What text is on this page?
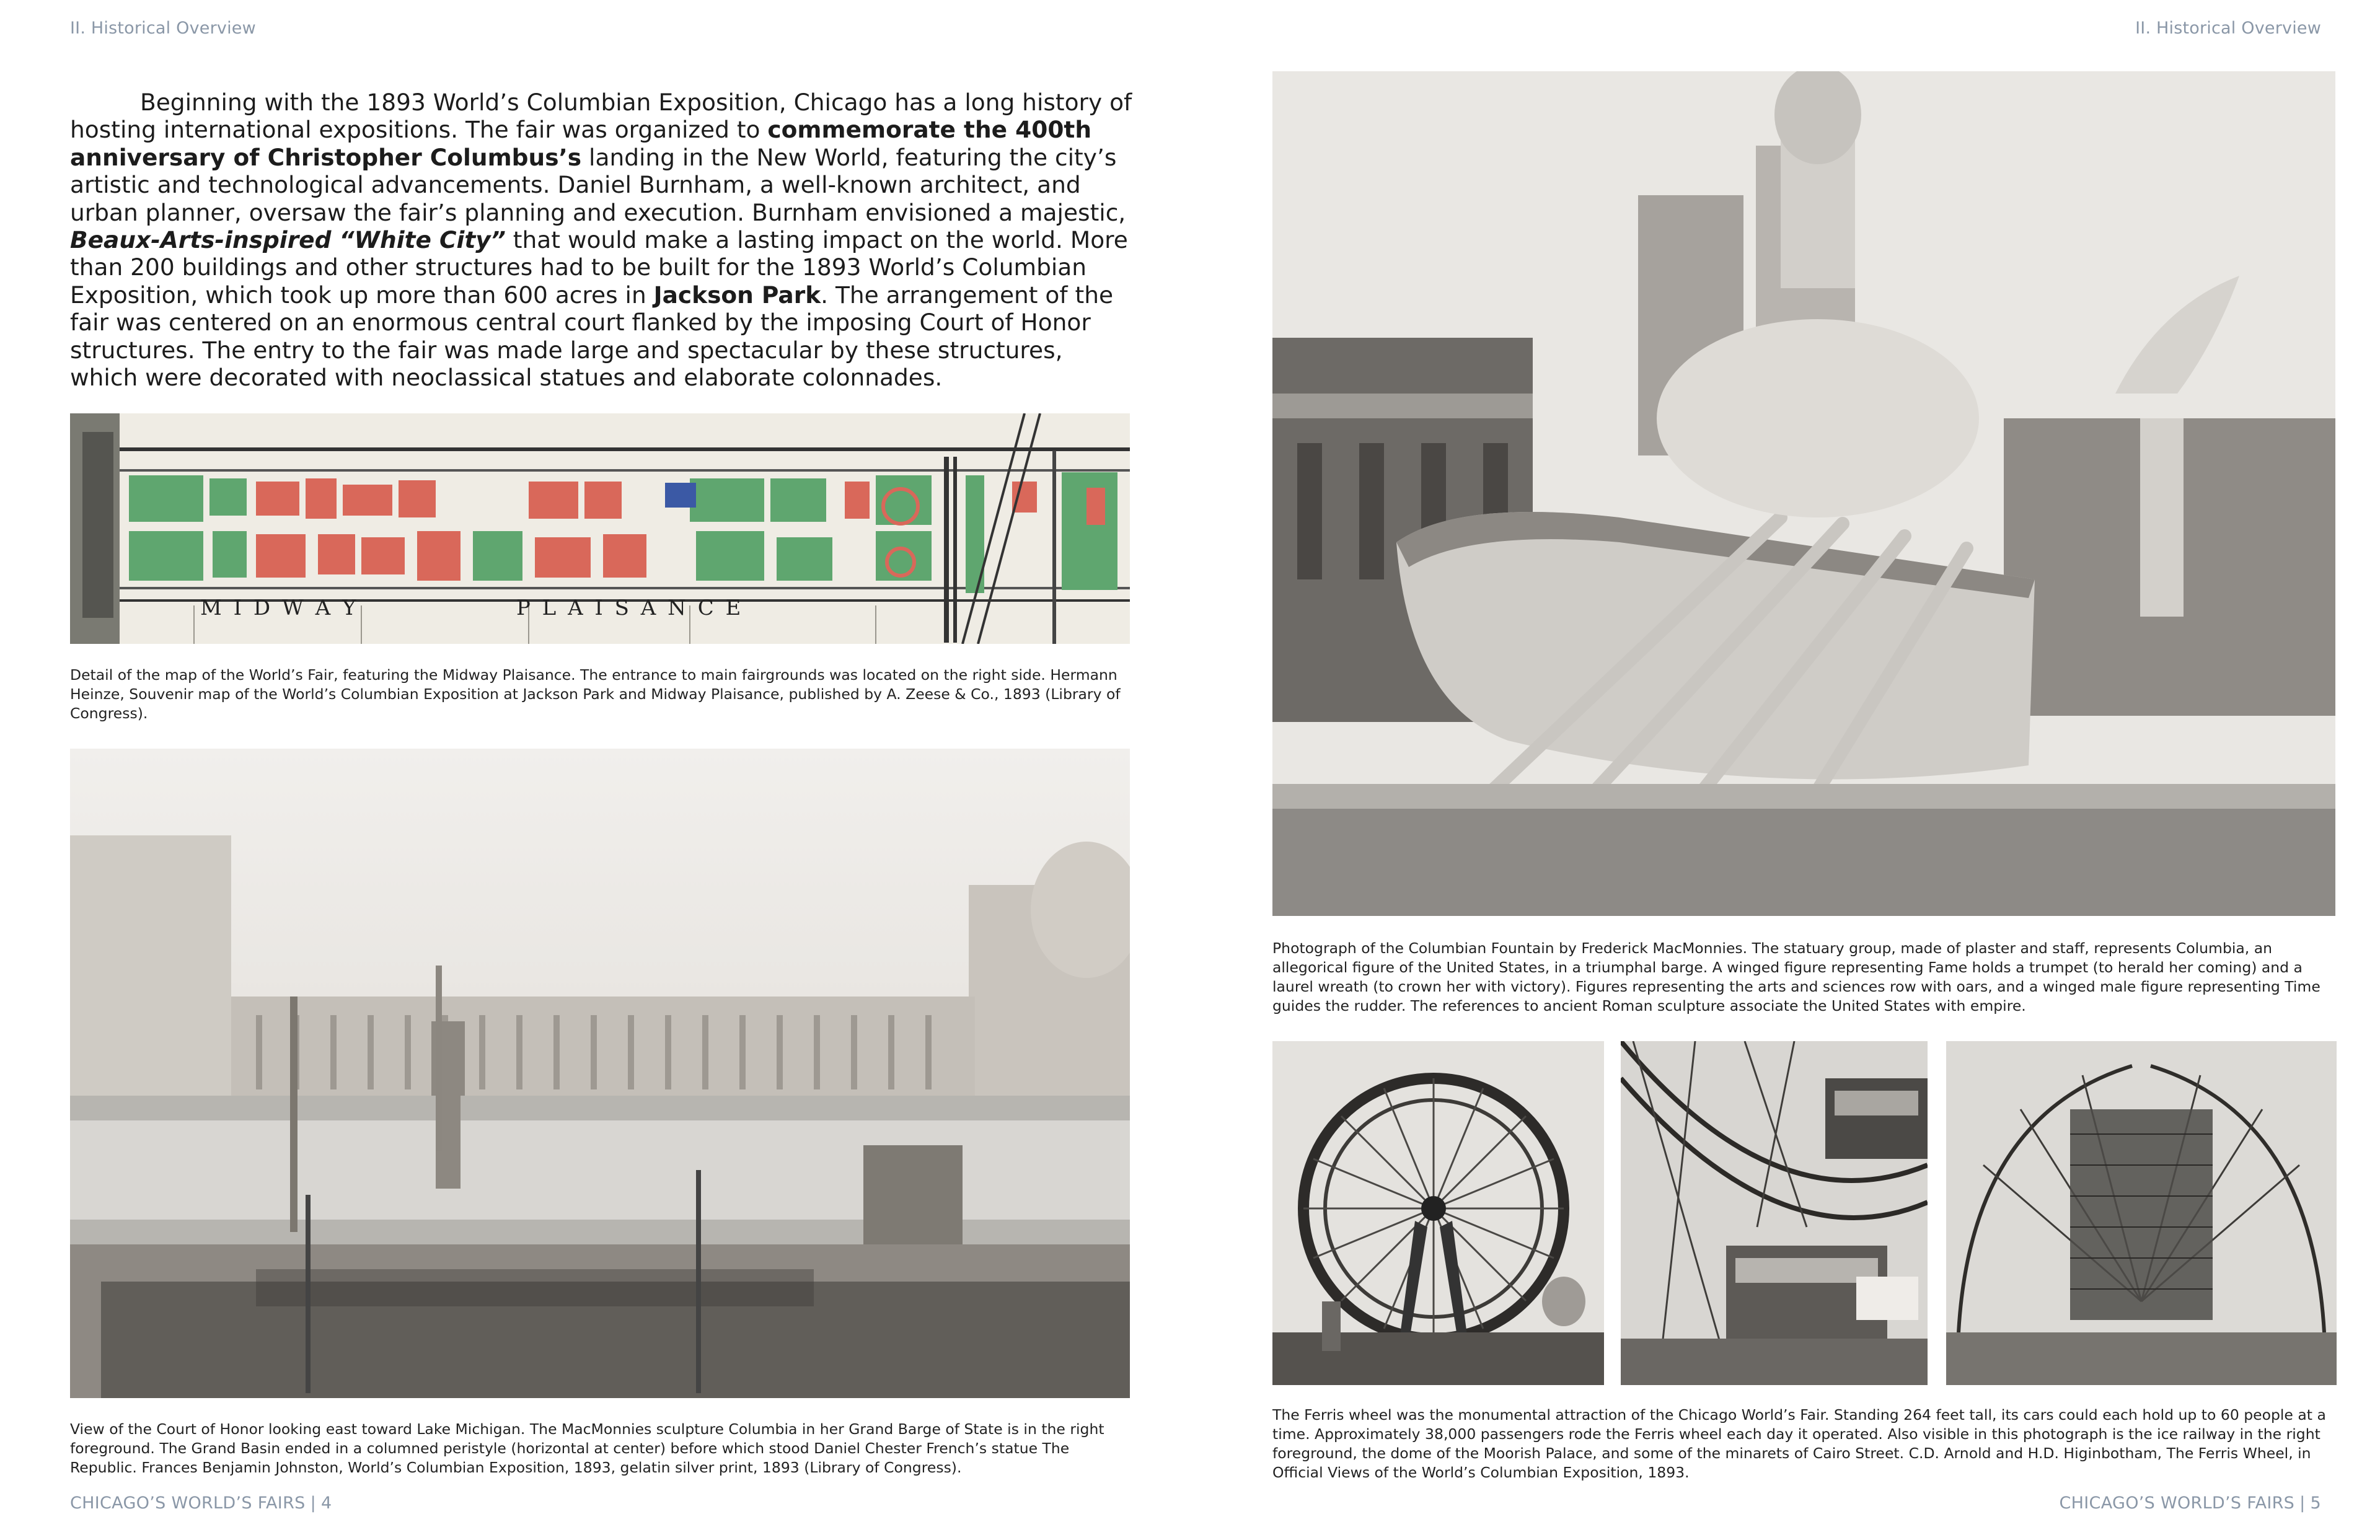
II. Historical Overview	II. Historical Overview
Beginning with the 1893 World’s Columbian Exposition, Chicago has a long history of hosting international expositions. The fair was organized to commemorate the 400th anniversary of Christopher Columbus’s landing in the New World, featuring the city’s artistic and technological advancements. Daniel Burnham, a well-known architect, and urban planner, oversaw the fair’s planning and execution. Burnham envisioned a majestic, Beaux-Arts-inspired “White City” that would make a lasting impact on the world. More than 200 buildings and other structures had to be built for the 1893 World’s Columbian Exposition, which took up more than 600 acres in Jackson Park. The arrangement of the fair was centered on an enormous central court flanked by the imposing Court of Honor structures. The entry to the fair was made large and spectacular by these structures, which were decorated with neoclassical statues and elaborate colonnades.
M I D W A Y	P L A I S A N C E
Detail of the map of the World’s Fair, featuring the Midway Plaisance. The entrance to main fairgrounds was located on the right side. Hermann Heinze, Souvenir map of the World’s Columbian Exposition at Jackson Park and Midway Plaisance, published by A. Zeese & Co., 1893 (Library of Congress).
View of the Court of Honor looking east toward Lake Michigan. The MacMonnies sculpture Columbia in her Grand Barge of State is in the right foreground. The Grand Basin ended in a columned peristyle (horizontal at center) before which stood Daniel Chester French’s statue The Republic. Frances Benjamin Johnston, World’s Columbian Exposition, 1893, gelatin silver print, 1893 (Library of Congress).
Photograph of the Columbian Fountain by Frederick MacMonnies. The statuary group, made of plaster and staff, represents Columbia, an allegorical figure of the United States, in a triumphal barge. A winged figure representing Fame holds a trumpet (to herald her coming) and a laurel wreath (to crown her with victory). Figures representing the arts and sciences row with oars, and a winged male figure representing Time guides the rudder. The references to ancient Roman sculpture associate the United States with empire.
The Ferris wheel was the monumental attraction of the Chicago World’s Fair. Standing 264 feet tall, its cars could each hold up to 60 people at a time. Approximately 38,000 passengers rode the Ferris wheel each day it operated. Also visible in this photograph is the ice railway in the right foreground, the dome of the Moorish Palace, and some of the minarets of Cairo Street. C.D. Arnold and H.D. Higinbotham, The Ferris Wheel, in Official Views of the World’s Columbian Exposition, 1893.
CHICAGO’S WORLD’S FAIRS | 4	CHICAGO’S WORLD’S FAIRS | 5
